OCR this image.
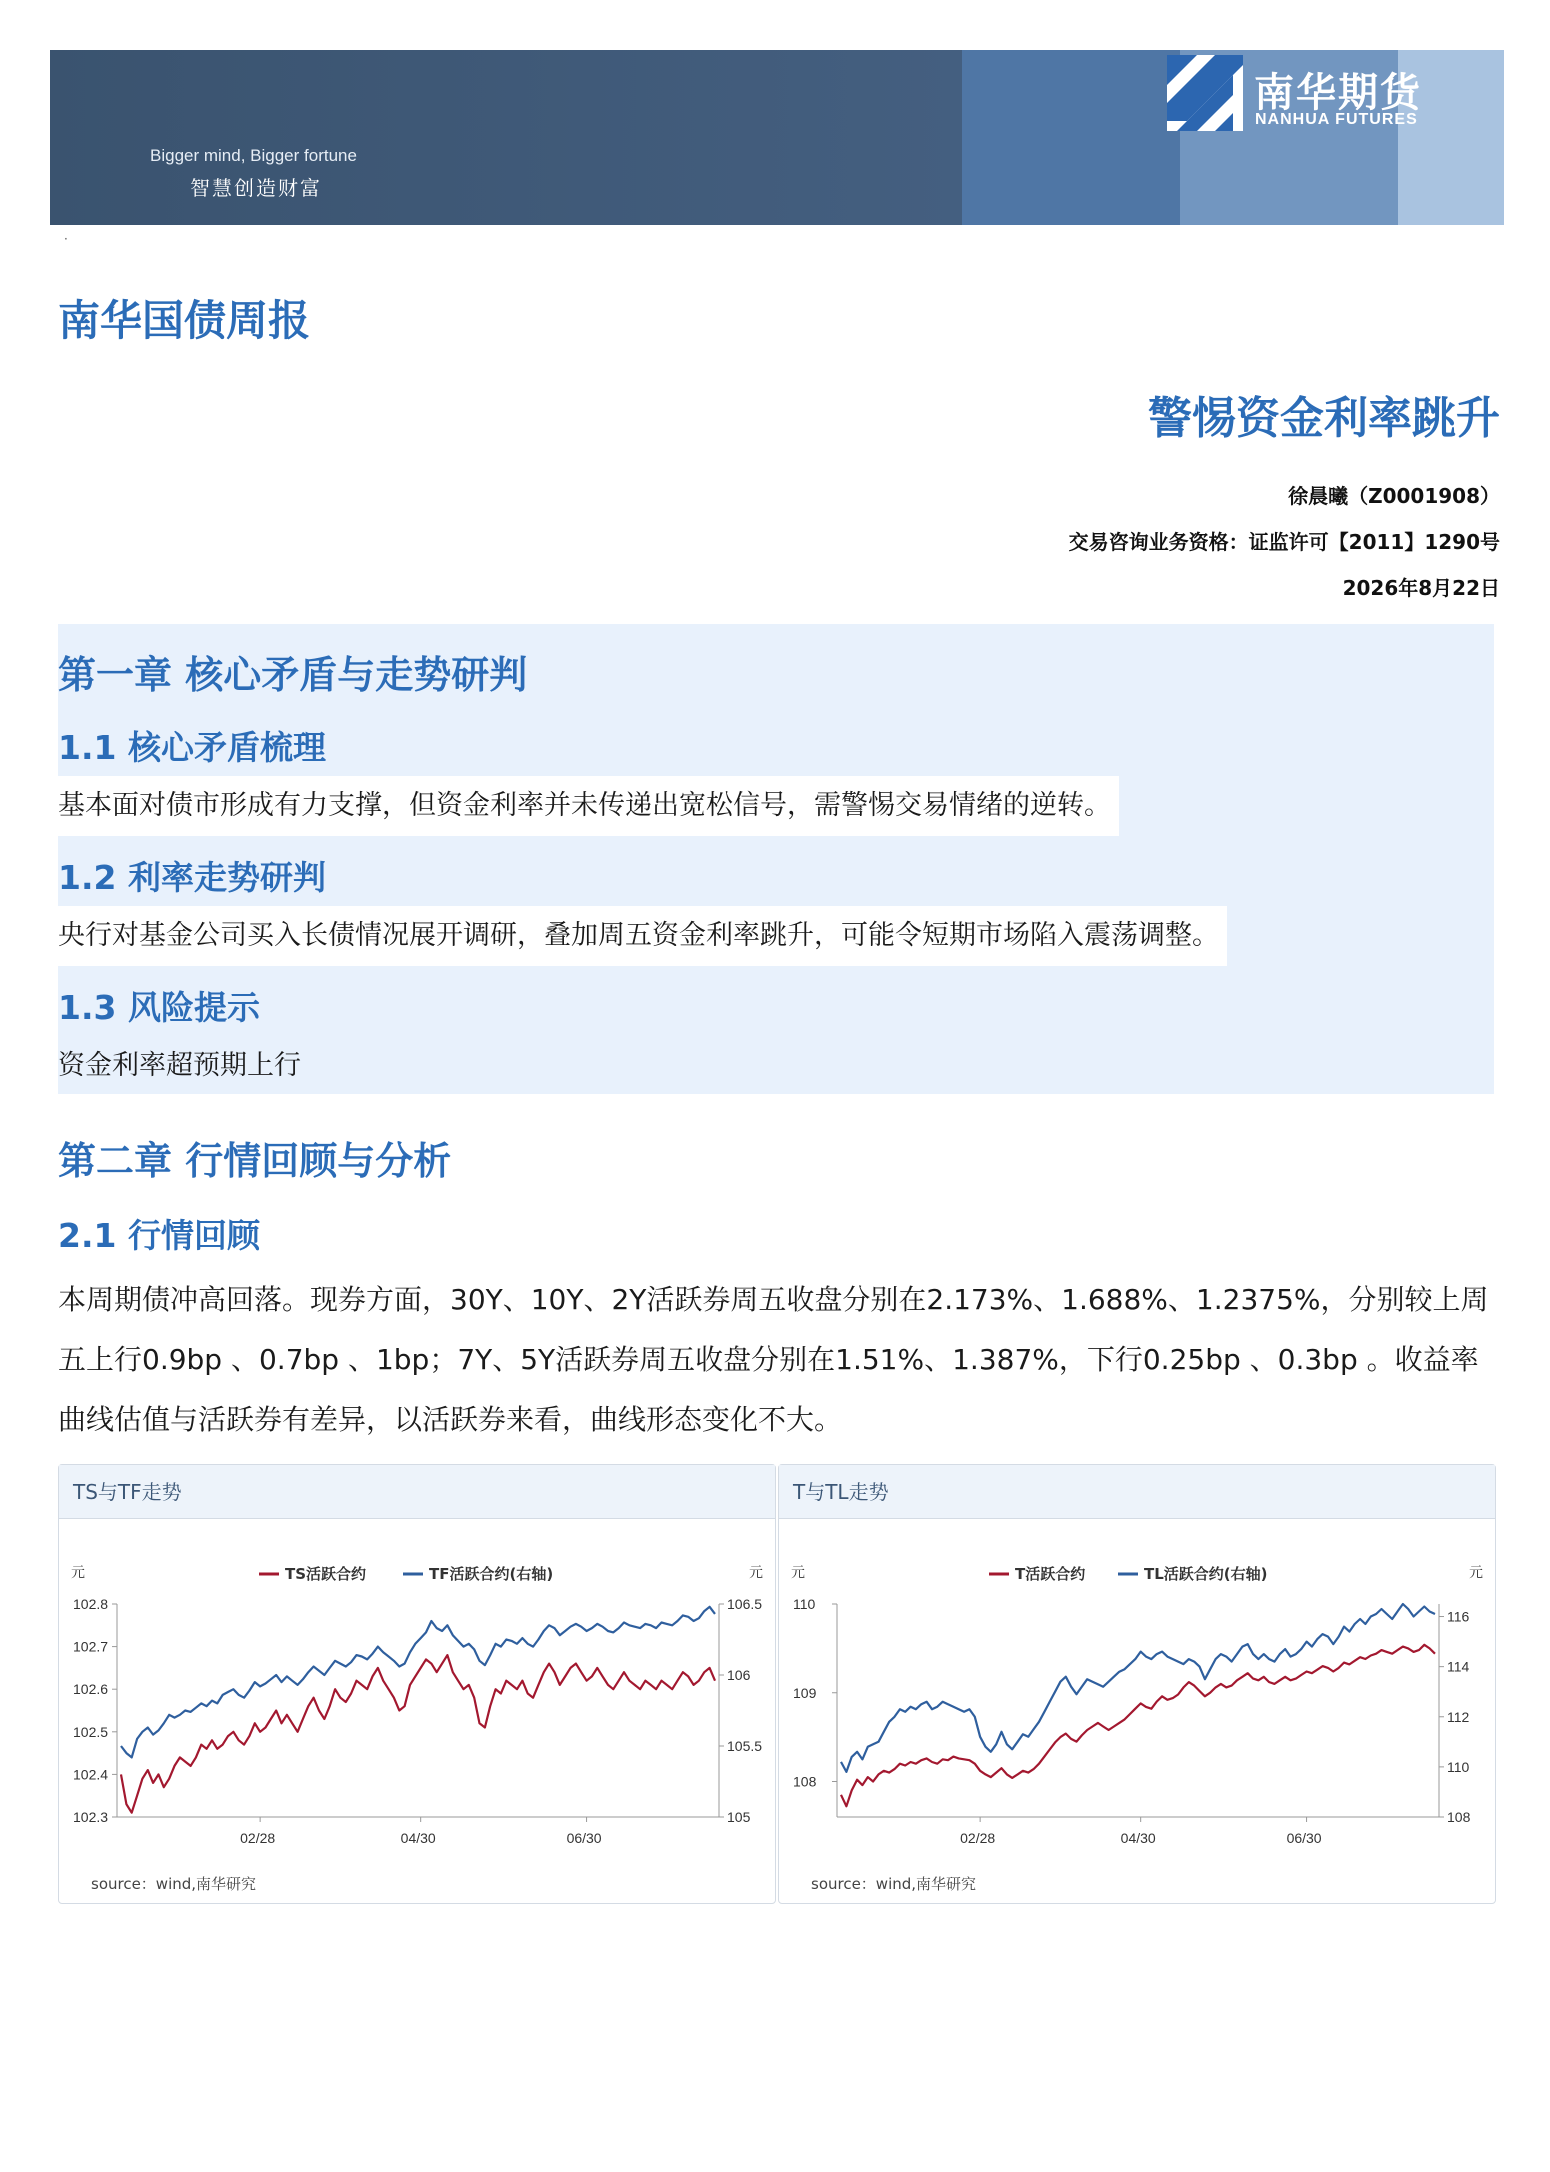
Bigger mind, Bigger fortune
智慧创造财富
南华期货
NANHUA FUTURES
·
南华国债周报
警惕资金利率跳升
徐晨曦（Z0001908）
交易咨询业务资格：证监许可【2011】1290号
2026年8月22日
第一章 核心矛盾与走势研判
1.1 核心矛盾梳理
基本面对债市形成有力支撑，但资金利率并未传递出宽松信号，需警惕交易情绪的逆转。
1.2 利率走势研判
央行对基金公司买入长债情况展开调研，叠加周五资金利率跳升，可能令短期市场陷入震荡调整。
1.3 风险提示
资金利率超预期上行
第二章 行情回顾与分析
2.1 行情回顾
本周期债冲高回落。现券方面，30Y、10Y、2Y活跃券周五收盘分别在2.173%、1.688%、1.2375%，分别较上周五上行0.9bp 、0.7bp 、1bp；7Y、5Y活跃券周五收盘分别在1.51%、1.387%，下行0.25bp 、0.3bp 。收益率曲线估值与活跃券有差异，以活跃券来看，曲线形态变化不大。
TS与TF走势
元	元
102.8
102.7
102.6
102.5
102.4
102.3
106.5
106
105.5
105
02/28	04/30	06/30
TS活跃合约	TF活跃合约(右轴)
source：wind,南华研究
T与TL走势
元	元
110
109
108
116
114
112
110
108
02/28	04/30	06/30
T活跃合约	TL活跃合约(右轴)
source：wind,南华研究
